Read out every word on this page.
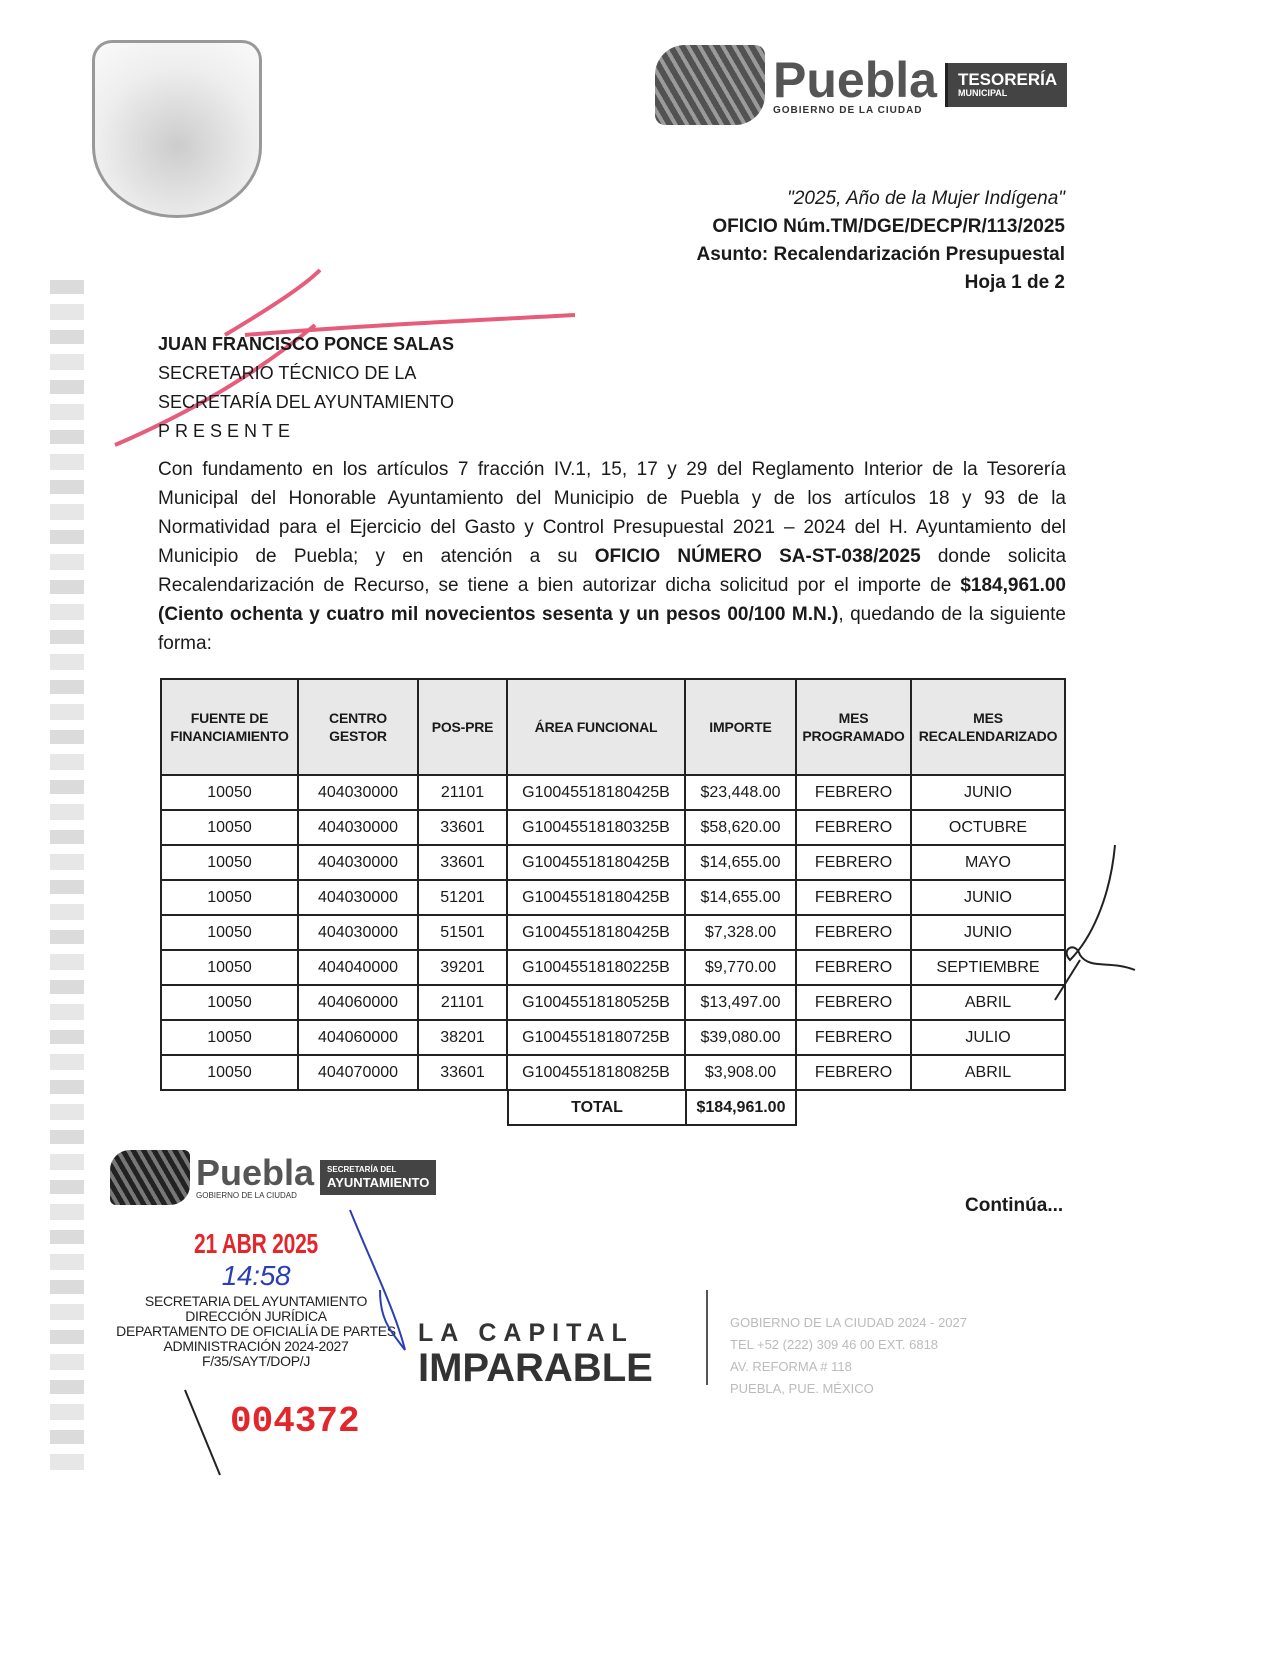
Puebla
GOBIERNO DE LA CIUDAD
TESORERÍA
MUNICIPAL
"2025, Año de la Mujer Indígena"
OFICIO Núm.TM/DGE/DECP/R/113/2025
Asunto: Recalendarización Presupuestal
Hoja 1 de 2
JUAN FRANCISCO PONCE SALAS
SECRETARIO TÉCNICO DE LA
SECRETARÍA DEL AYUNTAMIENTO
PRESENTE
Con fundamento en los artículos 7 fracción IV.1, 15, 17 y 29 del Reglamento Interior de la Tesorería Municipal del Honorable Ayuntamiento del Municipio de Puebla y de los artículos 18 y 93 de la Normatividad para el Ejercicio del Gasto y Control Presupuestal 2021 – 2024 del H. Ayuntamiento del Municipio de Puebla; y en atención a su OFICIO NÚMERO SA-ST-038/2025 donde solicita Recalendarización de Recurso, se tiene a bien autorizar dicha solicitud por el importe de $184,961.00 (Ciento ochenta y cuatro mil novecientos sesenta y un pesos 00/100 M.N.), quedando de la siguiente forma:
FUENTE DE FINANCIAMIENTO	CENTRO GESTOR	POS-PRE	ÁREA FUNCIONAL	IMPORTE	MES PROGRAMADO	MES RECALENDARIZADO
10050	404030000	21101	G10045518180425B	$23,448.00	FEBRERO	JUNIO
10050	404030000	33601	G10045518180325B	$58,620.00	FEBRERO	OCTUBRE
10050	404030000	33601	G10045518180425B	$14,655.00	FEBRERO	MAYO
10050	404030000	51201	G10045518180425B	$14,655.00	FEBRERO	JUNIO
10050	404030000	51501	G10045518180425B	$7,328.00	FEBRERO	JUNIO
10050	404040000	39201	G10045518180225B	$9,770.00	FEBRERO	SEPTIEMBRE
10050	404060000	21101	G10045518180525B	$13,497.00	FEBRERO	ABRIL
10050	404060000	38201	G10045518180725B	$39,080.00	FEBRERO	JULIO
10050	404070000	33601	G10045518180825B	$3,908.00	FEBRERO	ABRIL
TOTAL	$184,961.00
Puebla
GOBIERNO DE LA CIUDAD
SECRETARÍA DEL
AYUNTAMIENTO
Continúa...
21 ABR 2025
14:58
SECRETARIA DEL AYUNTAMIENTO
DIRECCIÓN JURÍDICA
DEPARTAMENTO DE OFICIALÍA DE PARTES
ADMINISTRACIÓN 2024-2027
F/35/SAYT/DOP/J
004372
LA CAPITAL
IMPARABLE
GOBIERNO DE LA CIUDAD 2024 - 2027
TEL +52 (222) 309 46 00 EXT. 6818
AV. REFORMA # 118
PUEBLA, PUE. MÉXICO
